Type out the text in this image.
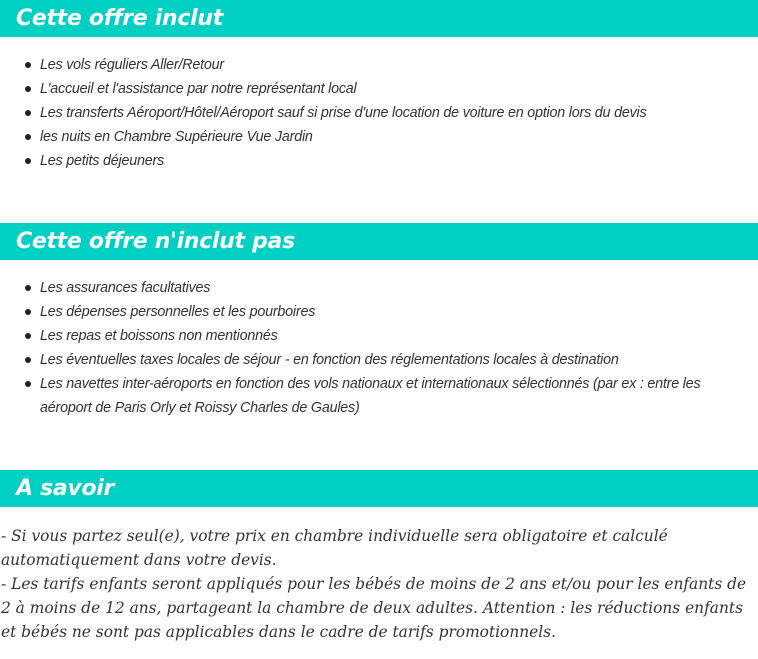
Cette offre inclut
Les vols réguliers Aller/Retour
L'accueil et l'assistance par notre représentant local
Les transferts Aéroport/Hôtel/Aéroport sauf si prise d'une location de voiture en option lors du devis
les nuits en Chambre Supérieure Vue Jardin
Les petits déjeuners
Cette offre n'inclut pas
Les assurances facultatives
Les dépenses personnelles et les pourboires
Les repas et boissons non mentionnés
Les éventuelles taxes locales de séjour - en fonction des réglementations locales à destination
Les navettes inter-aéroports en fonction des vols nationaux et internationaux sélectionnés (par ex : entre les aéroport de Paris Orly et Roissy Charles de Gaules)
A savoir
- Si vous partez seul(e), votre prix en chambre individuelle sera obligatoire et calculé automatiquement dans votre devis.
- Les tarifs enfants seront appliqués pour les bébés de moins de 2 ans et/ou pour les enfants de 2 à moins de 12 ans, partageant la chambre de deux adultes. Attention : les réductions enfants et bébés ne sont pas applicables dans le cadre de tarifs promotionnels.
